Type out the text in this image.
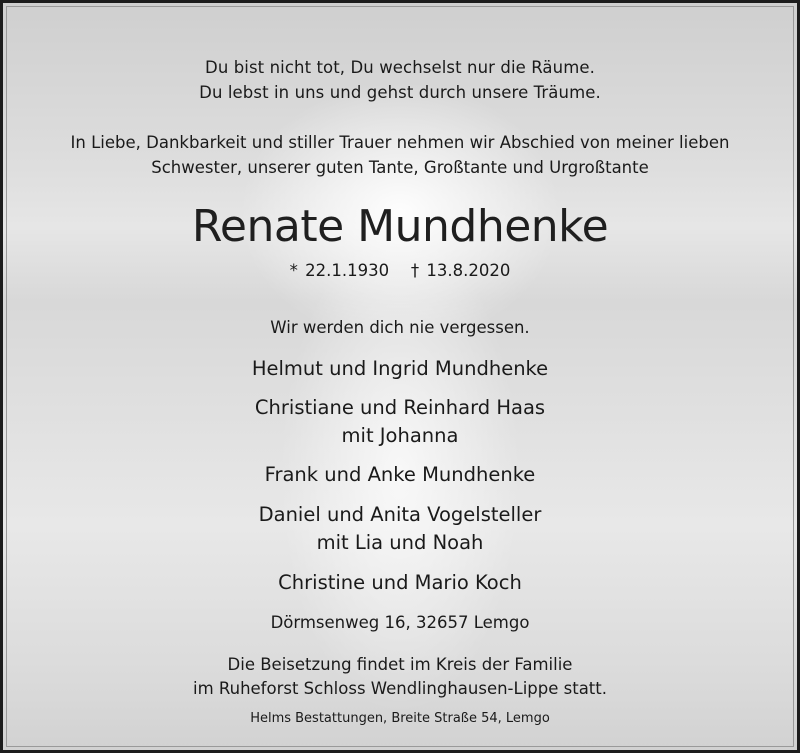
Du bist nicht tot, Du wechselst nur die Räume.
Du lebst in uns und gehst durch unsere Träume.
In Liebe, Dankbarkeit und stiller Trauer nehmen wir Abschied von meiner lieben
Schwester, unserer guten Tante, Großtante und Urgroßtante
Renate Mundhenke
* 22.1.1930   † 13.8.2020
Wir werden dich nie vergessen.
Helmut und Ingrid Mundhenke
Christiane und Reinhard Haas
mit Johanna
Frank und Anke Mundhenke
Daniel und Anita Vogelsteller
mit Lia und Noah
Christine und Mario Koch
Dörmsenweg 16, 32657 Lemgo
Die Beisetzung findet im Kreis der Familie
im Ruheforst Schloss Wendlinghausen-Lippe statt.
Helms Bestattungen, Breite Straße 54, Lemgo
